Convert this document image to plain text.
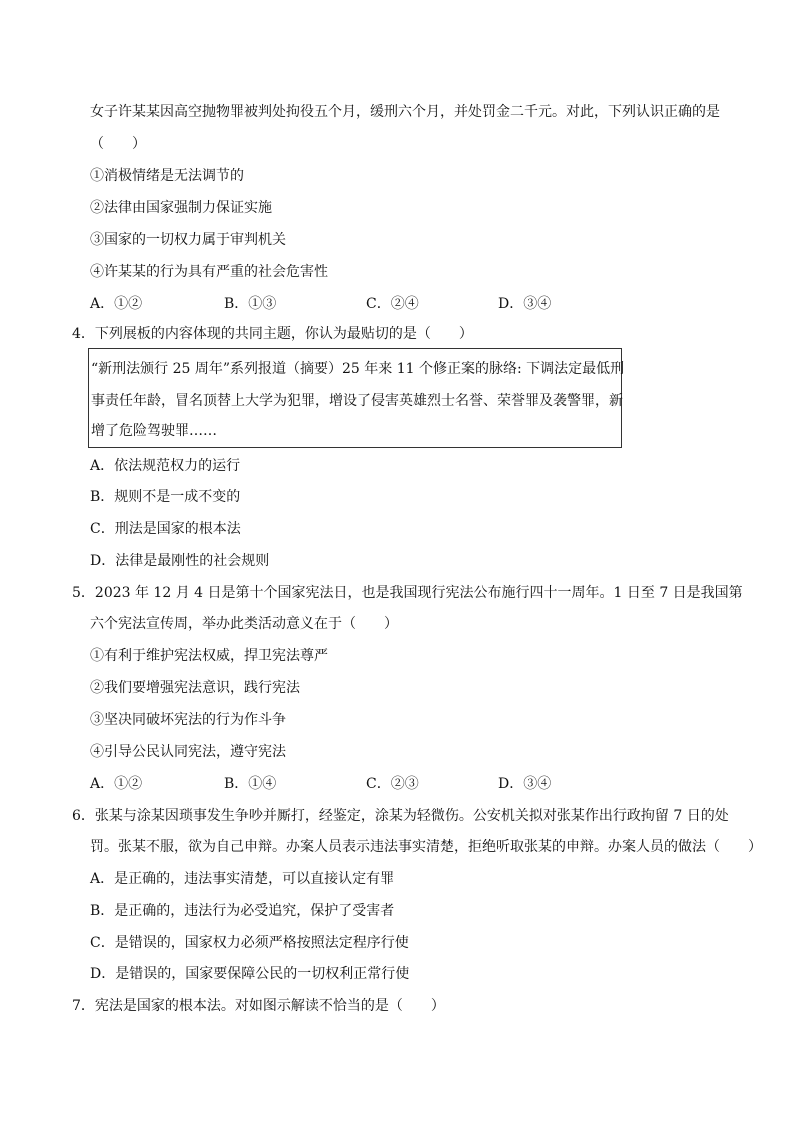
女子许某某因高空抛物罪被判处拘役五个月，缓刑六个月，并处罚金二千元。对此，下列认识正确的是
（　　）
①消极情绪是无法调节的
②法律由国家强制力保证实施
③国家的一切权力属于审判机关
④许某某的行为具有严重的社会危害性
A．①②	B．①③	C．②④	D．③④
4．下列展板的内容体现的共同主题，你认为最贴切的是（　　）
“新刑法颁行 25 周年”系列报道（摘要）25 年来 11 个修正案的脉络: 下调法定最低刑
事责任年龄，冒名顶替上大学为犯罪，增设了侵害英雄烈士名誉、荣誉罪及袭警罪，新
增了危险驾驶罪……
A．依法规范权力的运行
B．规则不是一成不变的
C．刑法是国家的根本法
D．法律是最刚性的社会规则
5．2023 年 12 月 4 日是第十个国家宪法日，也是我国现行宪法公布施行四十一周年。1 日至 7 日是我国第
六个宪法宣传周，举办此类活动意义在于（　　）
①有利于维护宪法权威，捍卫宪法尊严
②我们要增强宪法意识，践行宪法
③坚决同破坏宪法的行为作斗争
④引导公民认同宪法，遵守宪法
A．①②	B．①④	C．②③	D．③④
6．张某与涂某因琐事发生争吵并厮打，经鉴定，涂某为轻微伤。公安机关拟对张某作出行政拘留 7 日的处
罚。张某不服，欲为自己申辩。办案人员表示违法事实清楚，拒绝听取张某的申辩。办案人员的做法（　　）
A．是正确的，违法事实清楚，可以直接认定有罪
B．是正确的，违法行为必受追究，保护了受害者
C．是错误的，国家权力必须严格按照法定程序行使
D．是错误的，国家要保障公民的一切权利正常行使
7．宪法是国家的根本法。对如图示解读不恰当的是（　　）
